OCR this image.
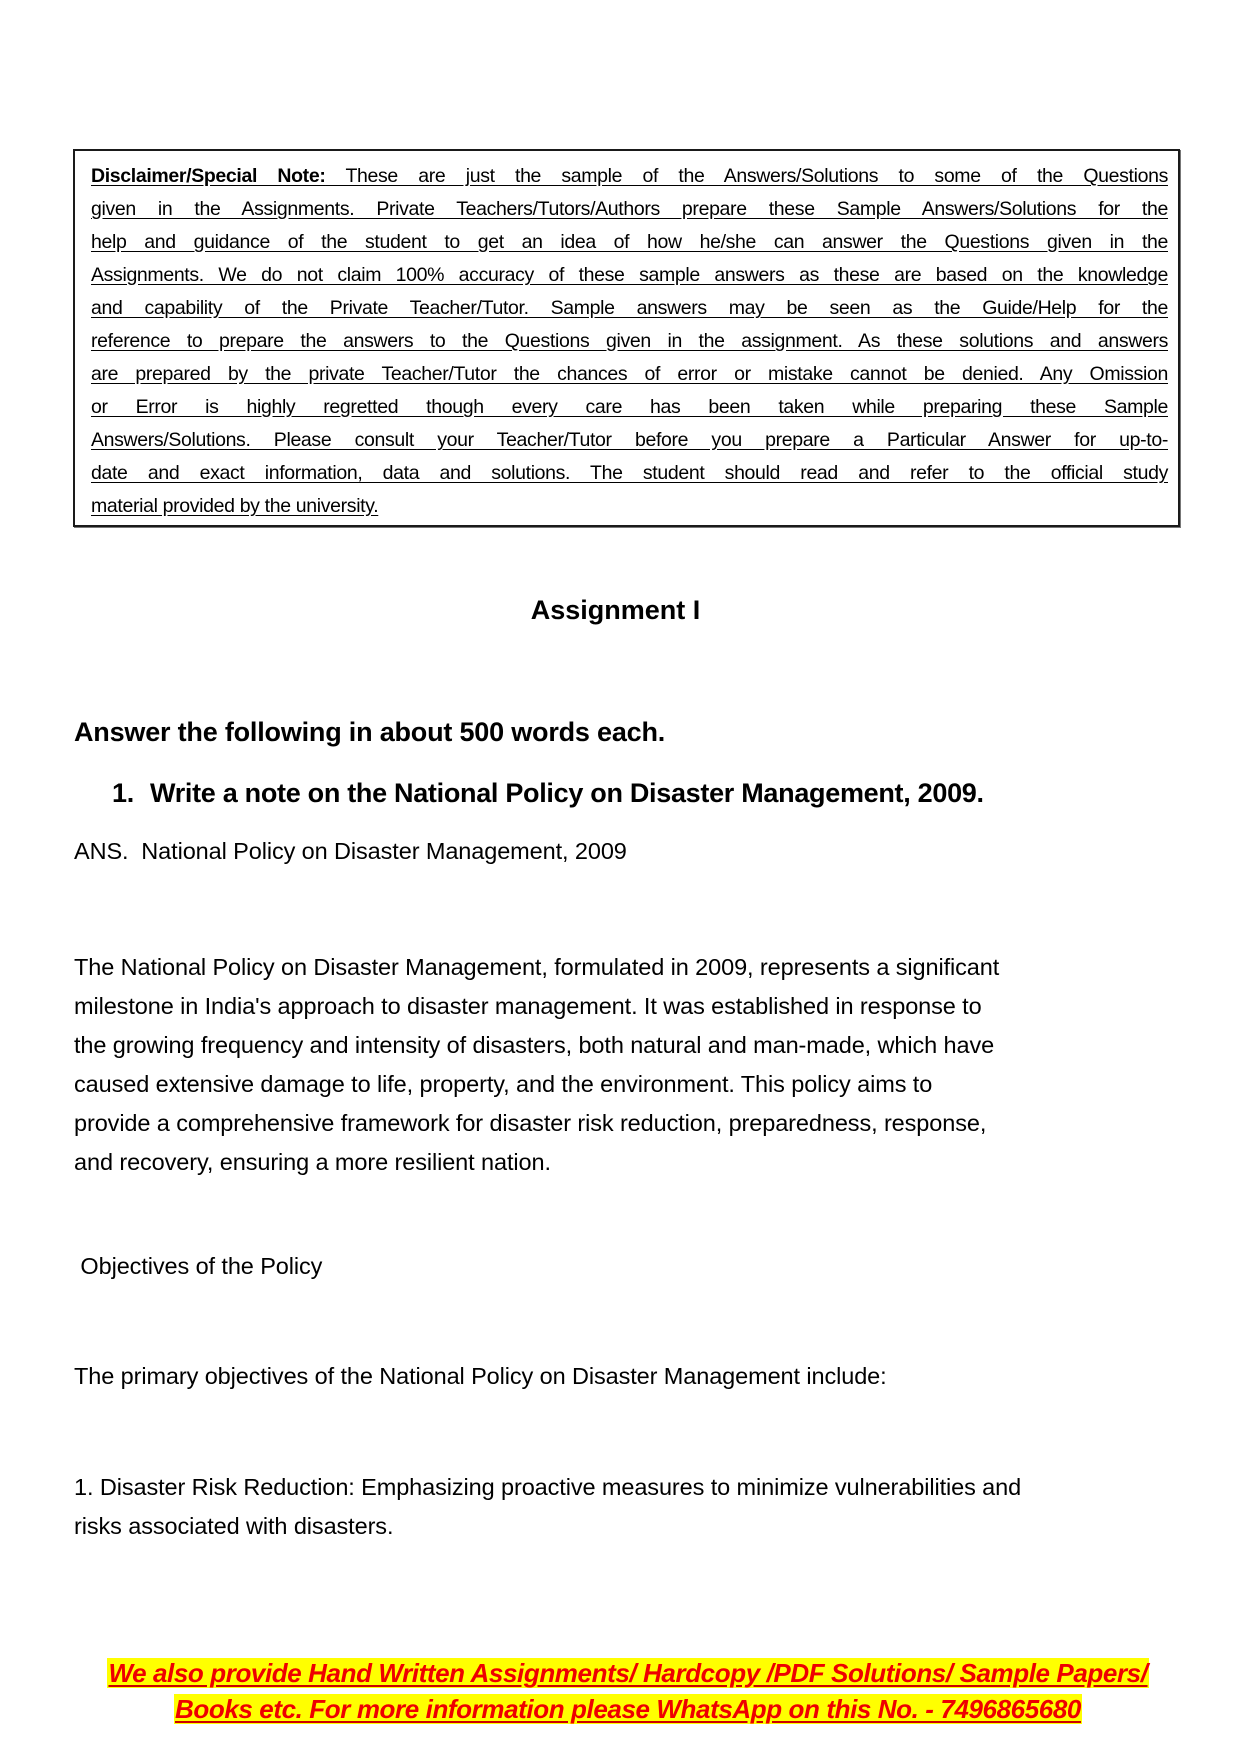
Disclaimer/Special Note: These are just the sample of the Answers/Solutions to some of the Questions
given in the Assignments. Private Teachers/Tutors/Authors prepare these Sample Answers/Solutions for the
help and guidance of the student to get an idea of how he/she can answer the Questions given in the
Assignments. We do not claim 100% accuracy of these sample answers as these are based on the knowledge
and capability of the Private Teacher/Tutor. Sample answers may be seen as the Guide/Help for the
reference to prepare the answers to the Questions given in the assignment. As these solutions and answers
are prepared by the private Teacher/Tutor the chances of error or mistake cannot be denied. Any Omission
or Error is highly regretted though every care has been taken while preparing these Sample
Answers/Solutions. Please consult your Teacher/Tutor before you prepare a Particular Answer for up-to-
date and exact information, data and solutions. The student should read and refer to the official study
material provided by the university.
Assignment I
Answer the following in about 500 words each.
1. Write a note on the National Policy on Disaster Management, 2009.
ANS.  National Policy on Disaster Management, 2009
The National Policy on Disaster Management, formulated in 2009, represents a significant
milestone in India's approach to disaster management. It was established in response to
the growing frequency and intensity of disasters, both natural and man-made, which have
caused extensive damage to life, property, and the environment. This policy aims to
provide a comprehensive framework for disaster risk reduction, preparedness, response,
and recovery, ensuring a more resilient nation.
Objectives of the Policy
The primary objectives of the National Policy on Disaster Management include:
1. Disaster Risk Reduction: Emphasizing proactive measures to minimize vulnerabilities and
risks associated with disasters.
We also provide Hand Written Assignments/ Hardcopy /PDF Solutions/ Sample Papers/
Books etc. For more information please WhatsApp on this No. - 7496865680
